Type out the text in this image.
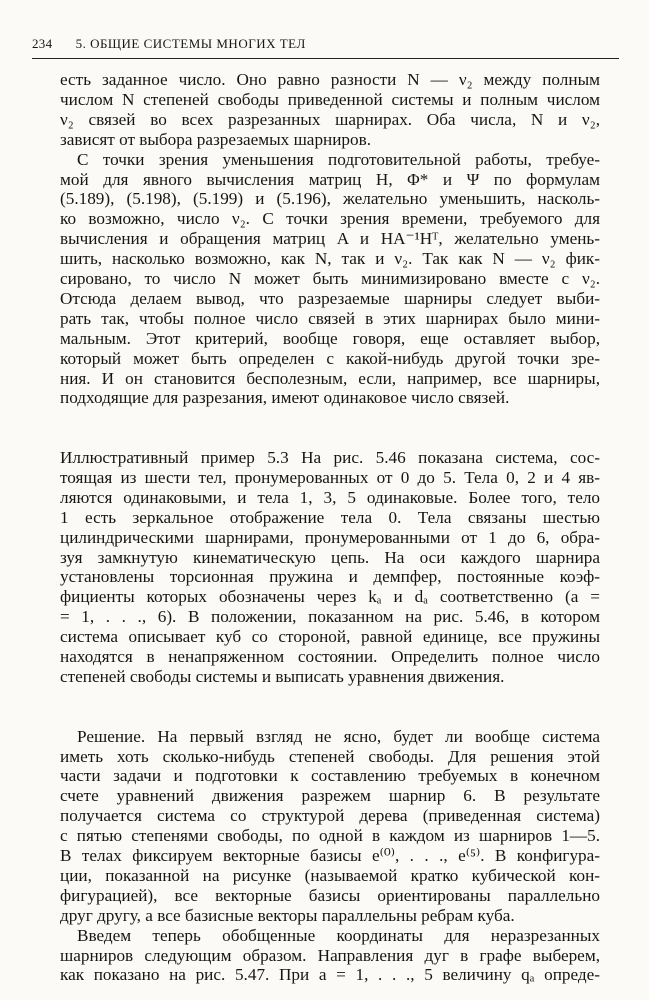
234 5. ОБЩИЕ СИСТЕМЫ МНОГИХ ТЕЛ
есть заданное число. Оно равно разности N — ν₂ между полным
числом N степеней свободы приведенной системы и полным числом
ν₂ связей во всех разрезанных шарнирах. Оба числа, N и ν₂,
зависят от выбора разрезаемых шарниров.
С точки зрения уменьшения подготовительной работы, требуе-
мой для явного вычисления матриц H, Φ* и Ψ по формулам
(5.189), (5.198), (5.199) и (5.196), желательно уменьшить, насколь-
ко возможно, число ν₂. С точки зрения времени, требуемого для
вычисления и обращения матриц A и HA⁻¹Hᵀ, желательно умень-
шить, насколько возможно, как N, так и ν₂. Так как N — ν₂ фик-
сировано, то число N может быть минимизировано вместе с ν₂.
Отсюда делаем вывод, что разрезаемые шарниры следует выби-
рать так, чтобы полное число связей в этих шарнирах было мини-
мальным. Этот критерий, вообще говоря, еще оставляет выбор,
который может быть определен с какой-нибудь другой точки зре-
ния. И он становится бесполезным, если, например, все шарниры,
подходящие для разрезания, имеют одинаковое число связей.
Иллюстративный пример 5.3 На рис. 5.46 показана система, сос-
тоящая из шести тел, пронумерованных от 0 до 5. Тела 0, 2 и 4 яв-
ляются одинаковыми, и тела 1, 3, 5 одинаковые. Более того, тело
1 есть зеркальное отображение тела 0. Тела связаны шестью
цилиндрическими шарнирами, пронумерованными от 1 до 6, обра-
зуя замкнутую кинематическую цепь. На оси каждого шарнира
установлены торсионная пружина и демпфер, постоянные коэф-
фициенты которых обозначены через kₐ и dₐ соответственно (a =
= 1, . . ., 6). В положении, показанном на рис. 5.46, в котором
система описывает куб со стороной, равной единице, все пружины
находятся в ненапряженном состоянии. Определить полное число
степеней свободы системы и выписать уравнения движения.
Решение. На первый взгляд не ясно, будет ли вообще система
иметь хоть сколько-нибудь степеней свободы. Для решения этой
части задачи и подготовки к составлению требуемых в конечном
счете уравнений движения разрежем шарнир 6. В результате
получается система со структурой дерева (приведенная система)
с пятью степенями свободы, по одной в каждом из шарниров 1—5.
В телах фиксируем векторные базисы e⁽⁰⁾, . . ., e⁽⁵⁾. В конфигура-
ции, показанной на рисунке (называемой кратко кубической кон-
фигурацией), все векторные базисы ориентированы параллельно
друг другу, а все базисные векторы параллельны ребрам куба.
Введем теперь обобщенные координаты для неразрезанных
шарниров следующим образом. Направления дуг в графе выберем,
как показано на рис. 5.47. При a = 1, . . ., 5 величину qₐ опреде-
